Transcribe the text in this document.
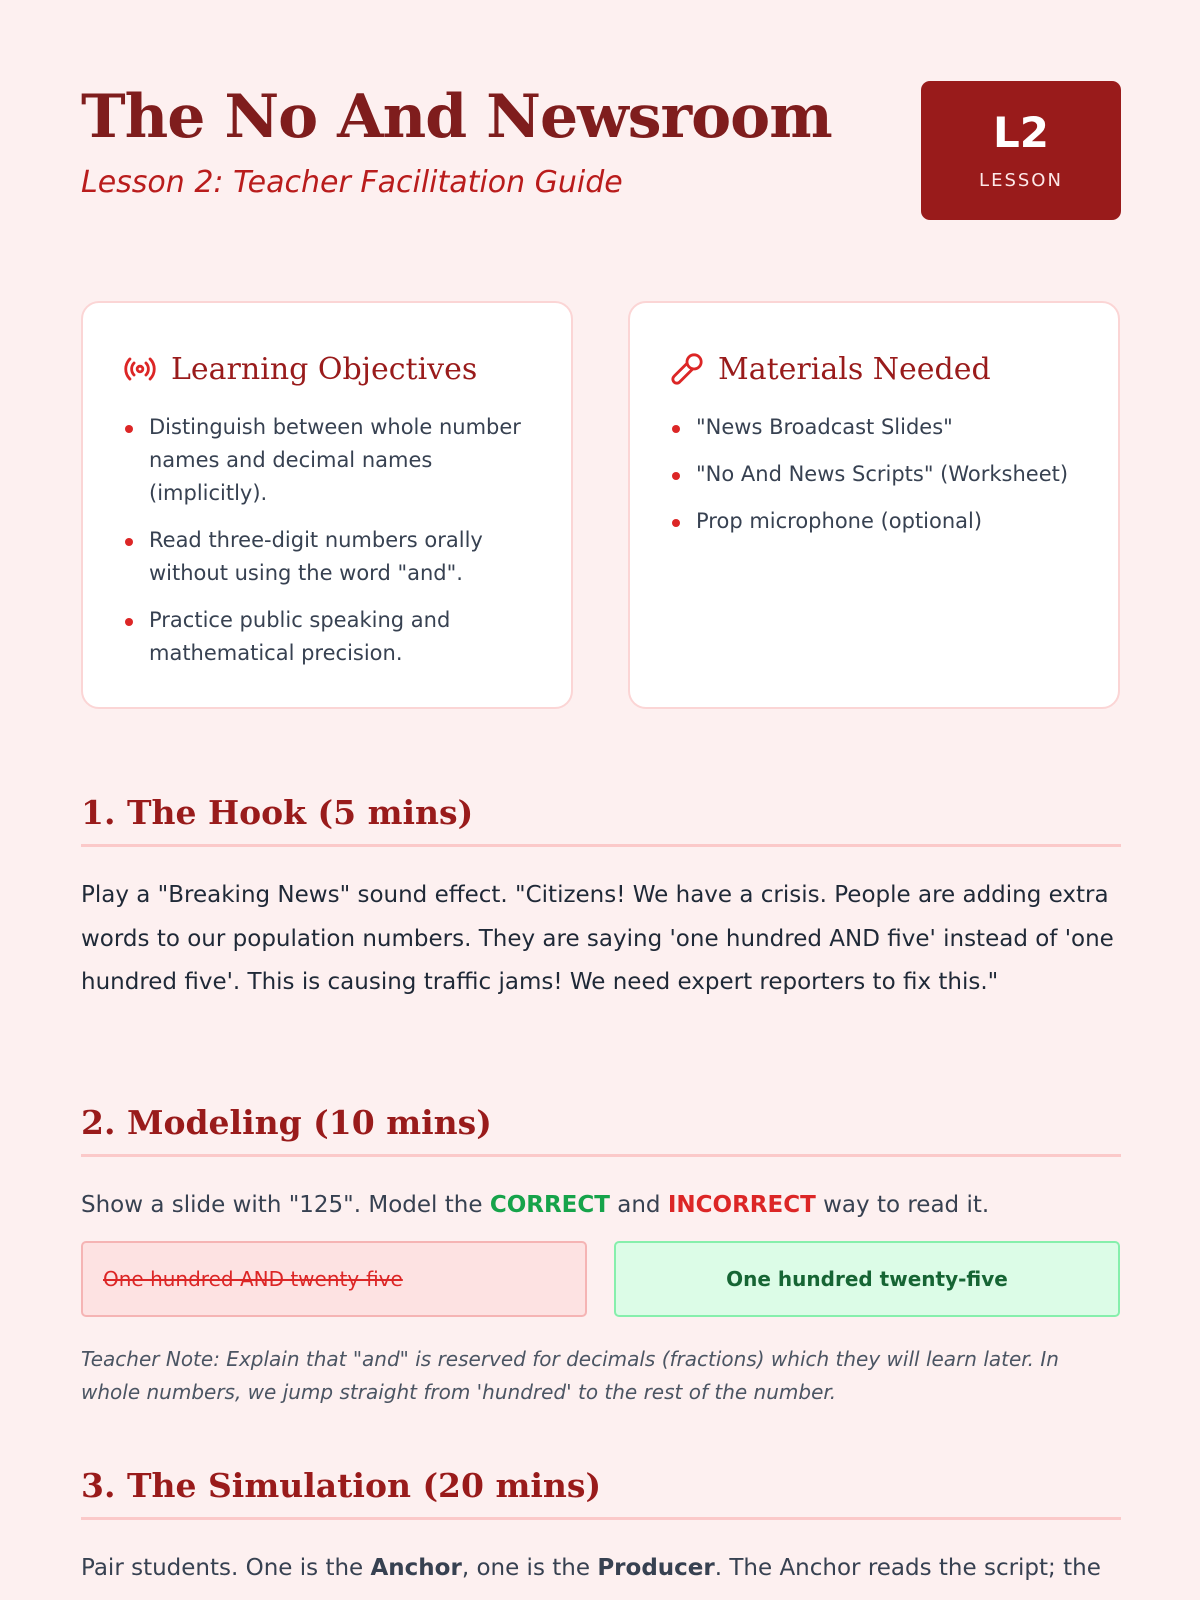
The No And Newsroom
Lesson 2: Teacher Facilitation Guide
L2
LESSON
Learning Objectives
Distinguish between whole number names and decimal names (implicitly).
Read three-digit numbers orally without using the word "and".
Practice public speaking and mathematical precision.
Materials Needed
"News Broadcast Slides"
"No And News Scripts" (Worksheet)
Prop microphone (optional)
1. The Hook (5 mins)

Play a "Breaking News" sound effect. "Citizens! We have a crisis. People are adding extra words to our population numbers. They are saying 'one hundred AND five' instead of 'one hundred five'. This is causing traffic jams! We need expert reporters to fix this."

2. Modeling (10 mins)

Show a slide with "125". Model the CORRECT and INCORRECT way to read it.

One hundred AND twenty-five	One hundred twenty-five

Teacher Note: Explain that "and" is reserved for decimals (fractions) which they will learn later. In whole numbers, we jump straight from 'hundred' to the rest of the number.

3. The Simulation (20 mins)

Pair students. One is the Anchor, one is the Producer. The Anchor reads the script; the
